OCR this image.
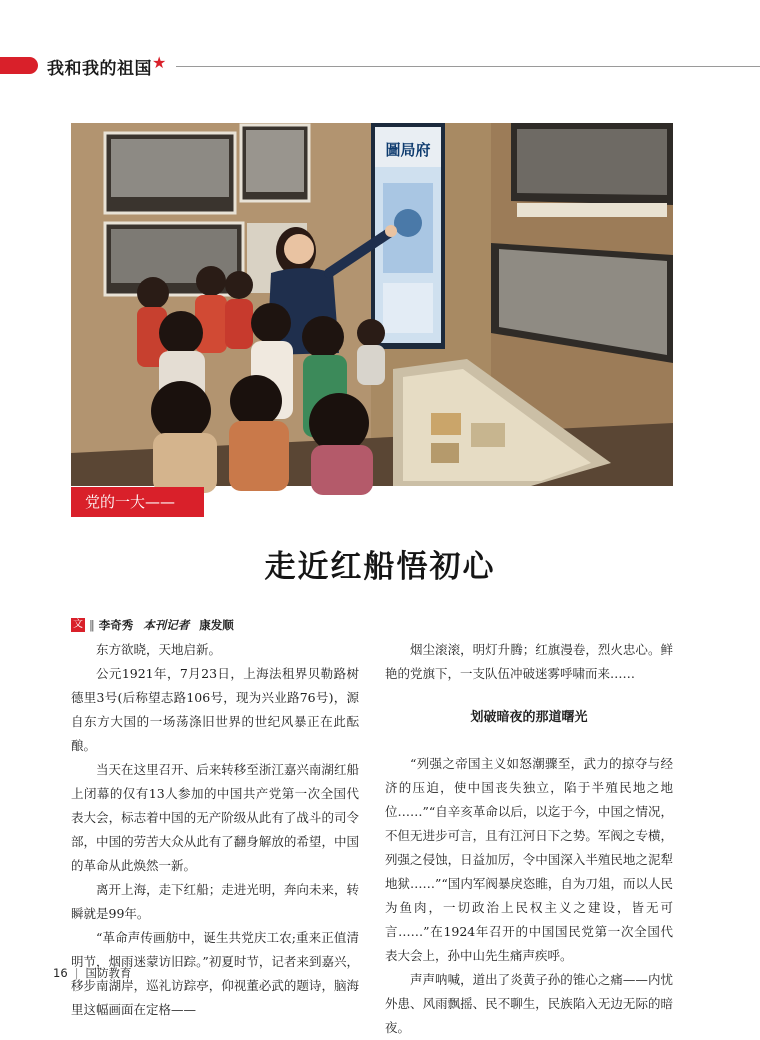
我和我的祖国 ★
圖局府
党的一大——
走近红船悟初心
文 ‖ 李奇秀 本刊记者 康发顺

东方欲晓，天地启新。

公元1921年，7月23日，上海法租界贝勒路树德里3号(后称望志路106号，现为兴业路76号)，源自东方大国的一场荡涤旧世界的世纪风暴正在此酝酿。

当天在这里召开、后来转移至浙江嘉兴南湖红船上闭幕的仅有13人参加的中国共产党第一次全国代表大会，标志着中国的无产阶级从此有了战斗的司令部，中国的劳苦大众从此有了翻身解放的希望，中国的革命从此焕然一新。

离开上海，走下红船；走进光明，奔向未来，转瞬就是99年。

“革命声传画舫中，诞生共党庆工农;重来正值清明节，烟雨迷蒙访旧踪。”初夏时节，记者来到嘉兴，移步南湖岸，巡礼访踪亭，仰视董必武的题诗，脑海里这幅画面在定格——

烟尘滚滚，明灯升腾；红旗漫卷，烈火忠心。鲜艳的党旗下，一支队伍冲破迷雾呼啸而来……

划破暗夜的那道曙光

“列强之帝国主义如怒潮骤至，武力的掠夺与经济的压迫，使中国丧失独立，陷于半殖民地之地位……”“自辛亥革命以后，以迄于今，中国之情况，不但无进步可言，且有江河日下之势。军阀之专横，列强之侵蚀，日益加厉，令中国深入半殖民地之泥犁地狱……”“国内军阀暴戾恣睢，自为刀俎，而以人民为鱼肉，一切政治上民权主义之建设，皆无可言……”在1924年召开的中国国民党第一次全国代表大会上，孙中山先生痛声疾呼。

声声呐喊，道出了炎黄子孙的锥心之痛——内忧外患、风雨飘摇、民不聊生，民族陷入无边无际的暗夜。

16 | 国防教育
